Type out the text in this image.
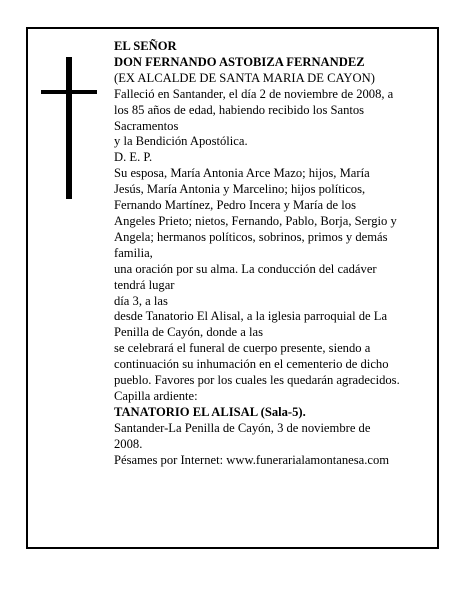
EL SEÑOR
DON FERNANDO ASTOBIZA FERNANDEZ
(EX ALCALDE DE SANTA MARIA DE CAYON)
Falleció en Santander, el día 2 de noviembre de 2008, a
los 85 años de edad, habiendo recibido los Santos
Sacramentos
y la Bendición Apostólica.
D. E. P.
Su esposa, María Antonia Arce Mazo; hijos, María
Jesús, María Antonia y Marcelino; hijos políticos,
Fernando Martínez, Pedro Incera y María de los
Angeles Prieto; nietos, Fernando, Pablo, Borja, Sergio y
Angela; hermanos políticos, sobrinos, primos y demás
familia,
una oración por su alma. La conducción del cadáver
tendrá lugar
día 3, a las
desde Tanatorio El Alisal, a la iglesia parroquial de La
Penilla de Cayón, donde a las
se celebrará el funeral de cuerpo presente, siendo a
continuación su inhumación en el cementerio de dicho
pueblo. Favores por los cuales les quedarán agradecidos.
Capilla ardiente:
TANATORIO EL ALISAL (Sala-5).
Santander-La Penilla de Cayón, 3 de noviembre de
2008.
Pésames por Internet: www.funerarialamontanesa.com
